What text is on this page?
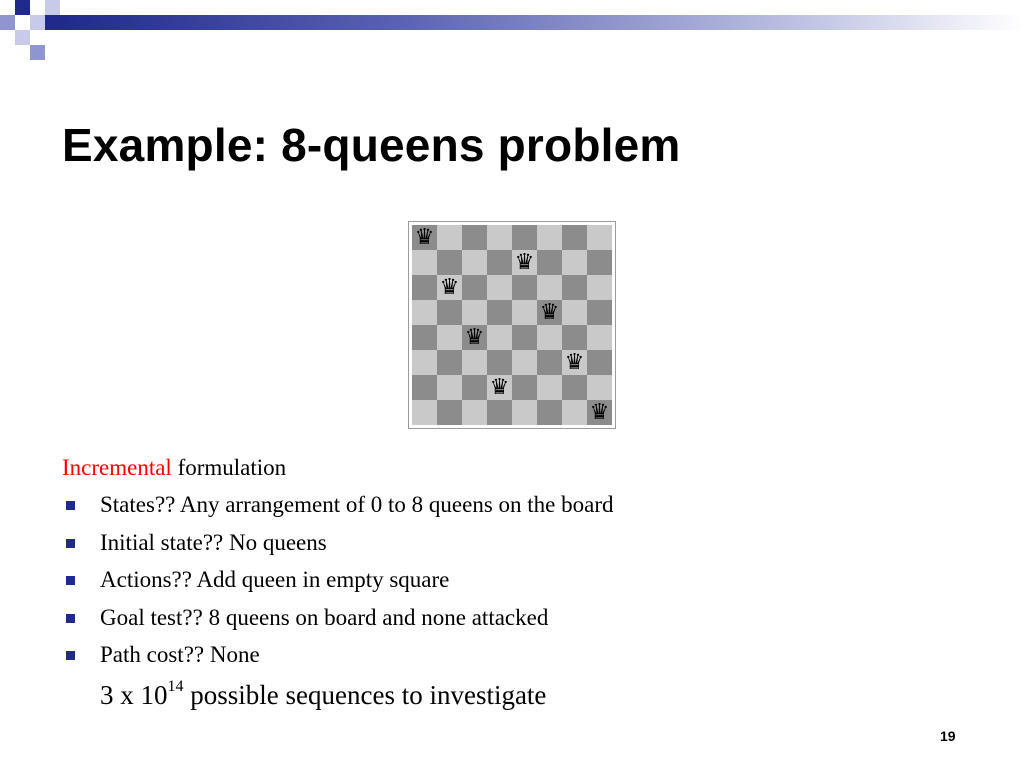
Example: 8-queens problem
♛
♛
♛
♛
♛
♛
♛
♛

Incremental formulation

States?? Any arrangement of 0 to 8 queens on the board
Initial state?? No queens
Actions?? Add queen in empty square
Goal test?? 8 queens on board and none attacked
Path cost?? None

3 x $10^{14}$ possible sequences to investigate

19
